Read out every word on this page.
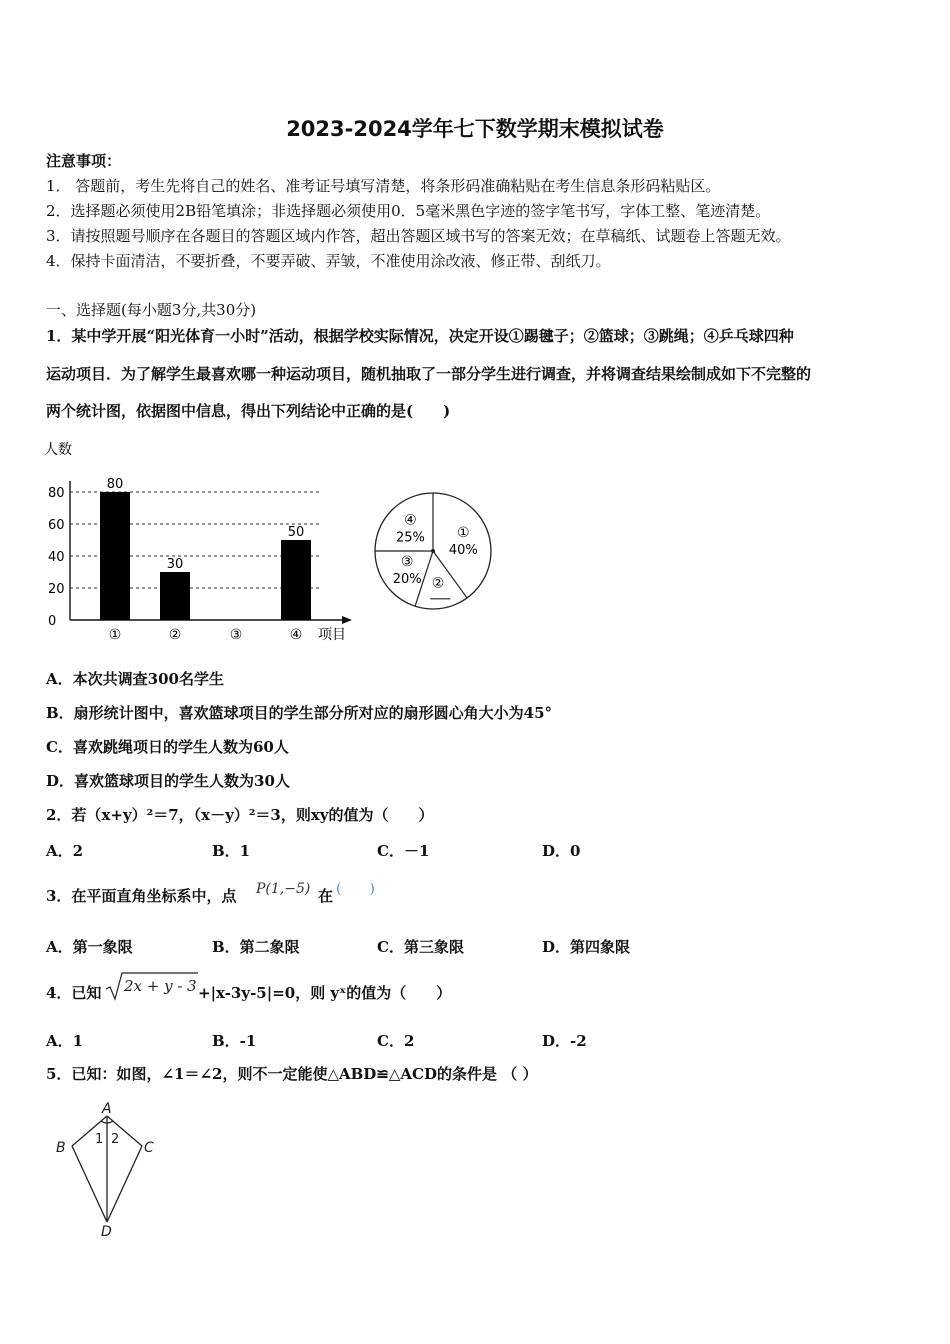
2023-2024学年七下数学期末模拟试卷
注意事项：
1． 答题前，考生先将自己的姓名、准考证号填写清楚，将条形码准确粘贴在考生信息条形码粘贴区。
2．选择题必须使用2B铅笔填涂；非选择题必须使用0．5毫米黑色字迹的签字笔书写，字体工整、笔迹清楚。
3．请按照题号顺序在各题目的答题区域内作答，超出答题区域书写的答案无效；在草稿纸、试题卷上答题无效。
4．保持卡面清洁，不要折叠，不要弄破、弄皱，不准使用涂改液、修正带、刮纸刀。
一、选择题(每小题3分,共30分)
1．某中学开展“阳光体育一小时”活动，根据学校实际情况，决定开设①踢毽子；②篮球；③跳绳；④乒乓球四种
运动项目．为了解学生最喜欢哪一种运动项目，随机抽取了一部分学生进行调查，并将调查结果绘制成如下不完整的
两个统计图，依据图中信息，得出下列结论中正确的是(　　)
人数
0
20
40
60
80
80
30
50
①	②	③	④ 项目
①
40%
②
③
20%
④
25%
A．本次共调查300名学生
B．扇形统计图中，喜欢篮球项目的学生部分所对应的扇形圆心角大小为45°
C．喜欢跳绳项日的学生人数为60人
D．喜欢篮球项目的学生人数为30人
2．若（x+y）²＝7，（x－y）²＝3，则xy的值为（　　）
A．2	B．1	C．－1	D．0
3．在平面直角坐标系中，点 P(1,−5) 在 (　　)
A．第一象限	B．第二象限	C．第三象限	D．第四象限
4．已知 2x + y - 3 +|x-3y-5|=0，则 yˣ的值为（　　）
A．1	B．-1	C．2	D．-2
5．已知：如图，∠1＝∠2，则不一定能使△ABD≌△ACD的条件是 （ ）
A
B	C
D
1 2
